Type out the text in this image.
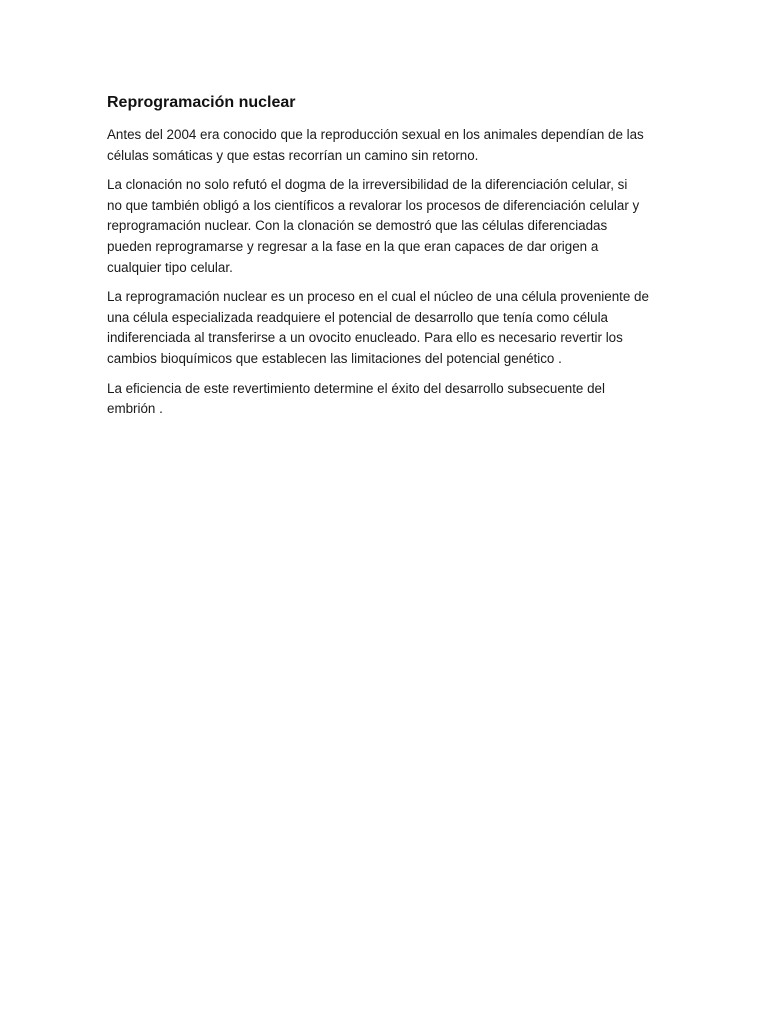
Reprogramación nuclear

Antes del 2004 era conocido que la reproducción sexual en los animales dependían de las
células somáticas y que estas recorrían un camino sin retorno.

La clonación no solo refutó el dogma de la irreversibilidad de la diferenciación celular, si
no que también obligó a los científicos a revalorar los procesos de diferenciación celular y
reprogramación nuclear. Con la clonación se demostró que las células diferenciadas
pueden reprogramarse y regresar a la fase en la que eran capaces de dar origen a
cualquier tipo celular.

La reprogramación nuclear es un proceso en el cual el núcleo de una célula proveniente de
una célula especializada readquiere el potencial de desarrollo que tenía como célula
indiferenciada al transferirse a un ovocito enucleado. Para ello es necesario revertir los
cambios bioquímicos que establecen las limitaciones del potencial genético .

La eficiencia de este revertimiento determine el éxito del desarrollo subsecuente del
embrión .
